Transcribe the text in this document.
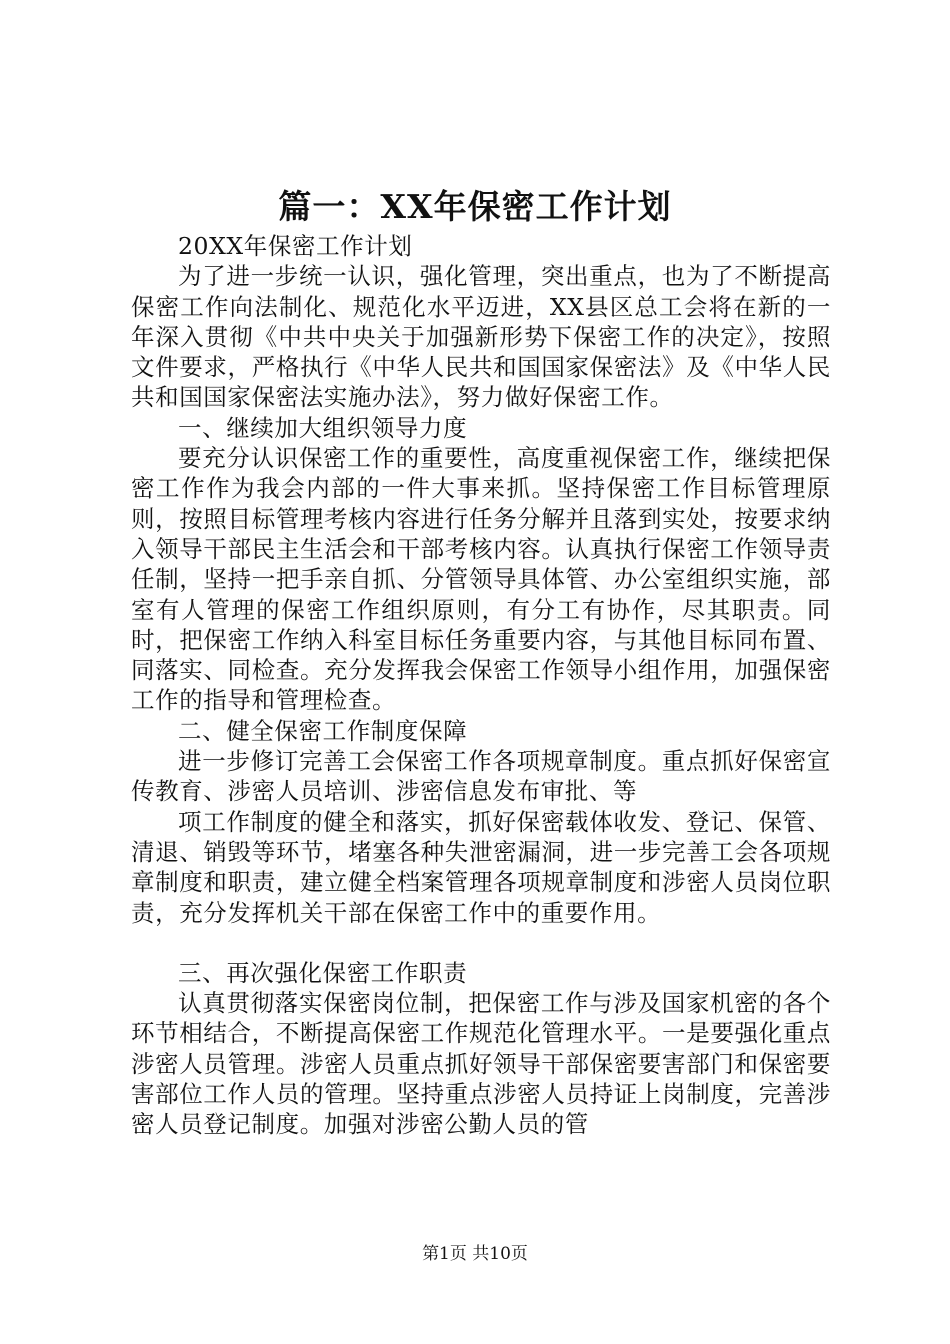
篇一：XX年保密工作计划

20XX年保密工作计划

为了进一步统一认识，强化管理，突出重点，也为了不断提高保密工作向法制化、规范化水平迈进，XX县区总工会将在新的一年深入贯彻《中共中央关于加强新形势下保密工作的决定》，按照文件要求，严格执行《中华人民共和国国家保密法》及《中华人民共和国国家保密法实施办法》，努力做好保密工作。

一、继续加大组织领导力度

要充分认识保密工作的重要性，高度重视保密工作，继续把保密工作作为我会内部的一件大事来抓。坚持保密工作目标管理原则，按照目标管理考核内容进行任务分解并且落到实处，按要求纳入领导干部民主生活会和干部考核内容。认真执行保密工作领导责任制，坚持一把手亲自抓、分管领导具体管、办公室组织实施，部室有人管理的保密工作组织原则，有分工有协作，尽其职责。同时，把保密工作纳入科室目标任务重要内容，与其他目标同布置、同落实、同检查。充分发挥我会保密工作领导小组作用，加强保密工作的指导和管理检查。

二、健全保密工作制度保障

进一步修订完善工会保密工作各项规章制度。重点抓好保密宣传教育、涉密人员培训、涉密信息发布审批、等

项工作制度的健全和落实，抓好保密载体收发、登记、保管、清退、销毁等环节，堵塞各种失泄密漏洞，进一步完善工会各项规章制度和职责，建立健全档案管理各项规章制度和涉密人员岗位职责，充分发挥机关干部在保密工作中的重要作用。

三、再次强化保密工作职责

认真贯彻落实保密岗位制，把保密工作与涉及国家机密的各个环节相结合，不断提高保密工作规范化管理水平。一是要强化重点涉密人员管理。涉密人员重点抓好领导干部保密要害部门和保密要害部位工作人员的管理。坚持重点涉密人员持证上岗制度，完善涉密人员登记制度。加强对涉密公勤人员的管

第1页 共10页
